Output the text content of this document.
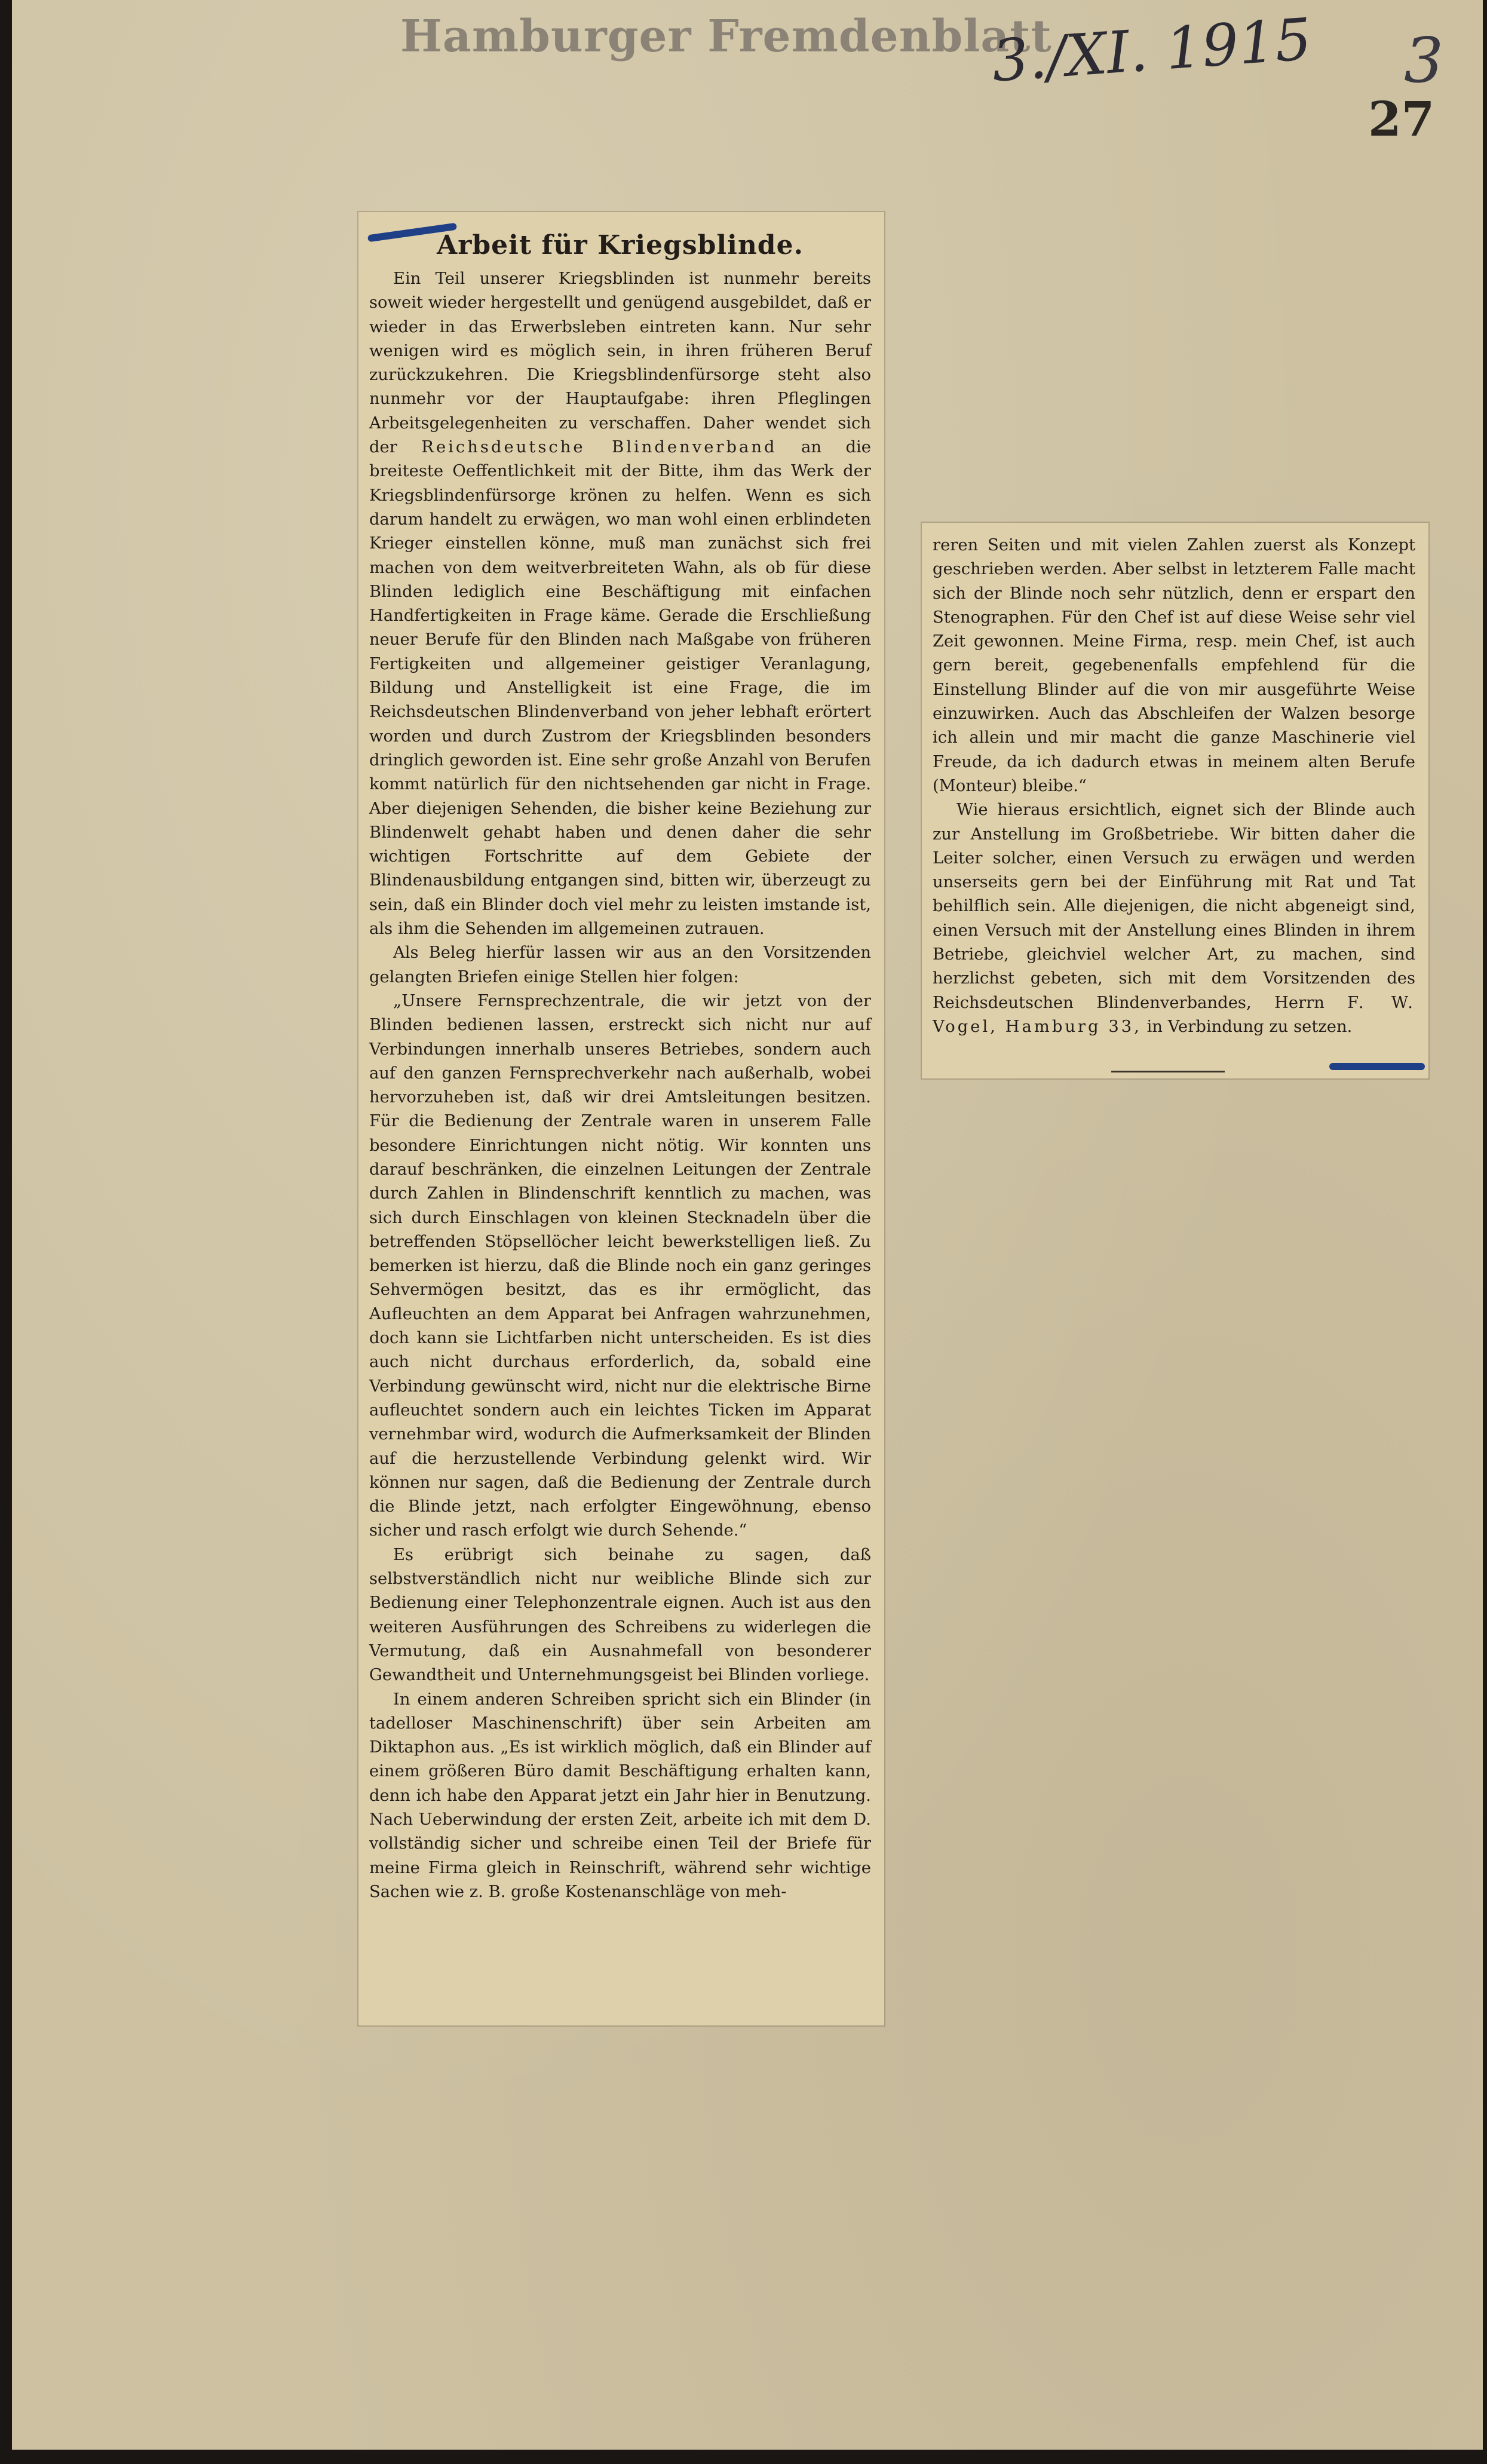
Hamburger Fremdenblatt
3./XI. 1915 3
27
Arbeit für Kriegsblinde.

Ein Teil unserer Kriegsblinden ist nunmehr bereits soweit wieder hergestellt und genügend ausgebildet, daß er wieder in das Erwerbsleben eintreten kann. Nur sehr wenigen wird es möglich sein, in ihren früheren Beruf zurückzukehren. Die Kriegsblindenfürsorge steht also nunmehr vor der Hauptaufgabe: ihren Pfleglingen Arbeitsgelegenheiten zu verschaffen. Daher wendet sich der Reichsdeutsche Blindenverband an die breiteste Oeffentlichkeit mit der Bitte, ihm das Werk der Kriegsblindenfürsorge krönen zu helfen. Wenn es sich darum handelt zu erwägen, wo man wohl einen erblindeten Krieger einstellen könne, muß man zunächst sich frei machen von dem weitverbreiteten Wahn, als ob für diese Blinden lediglich eine Beschäftigung mit einfachen Handfertigkeiten in Frage käme. Gerade die Erschließung neuer Berufe für den Blinden nach Maßgabe von früheren Fertigkeiten und allgemeiner geistiger Veranlagung, Bildung und Anstelligkeit ist eine Frage, die im Reichsdeutschen Blindenverband von jeher lebhaft erörtert worden und durch Zustrom der Kriegsblinden besonders dringlich geworden ist. Eine sehr große Anzahl von Berufen kommt natürlich für den nichtsehenden gar nicht in Frage. Aber diejenigen Sehenden, die bisher keine Beziehung zur Blindenwelt gehabt haben und denen daher die sehr wichtigen Fortschritte auf dem Gebiete der Blindenausbildung entgangen sind, bitten wir, überzeugt zu sein, daß ein Blinder doch viel mehr zu leisten imstande ist, als ihm die Sehenden im allgemeinen zutrauen.

Als Beleg hierfür lassen wir aus an den Vorsitzenden gelangten Briefen einige Stellen hier folgen:

„Unsere Fernsprechzentrale, die wir jetzt von der Blinden bedienen lassen, erstreckt sich nicht nur auf Verbindungen innerhalb unseres Betriebes, sondern auch auf den ganzen Fernsprechverkehr nach außerhalb, wobei hervorzuheben ist, daß wir drei Amtsleitungen besitzen. Für die Bedienung der Zentrale waren in unserem Falle besondere Einrichtungen nicht nötig. Wir konnten uns darauf beschränken, die einzelnen Leitungen der Zentrale durch Zahlen in Blindenschrift kenntlich zu machen, was sich durch Einschlagen von kleinen Stecknadeln über die betreffenden Stöpsellöcher leicht bewerkstelligen ließ. Zu bemerken ist hierzu, daß die Blinde noch ein ganz geringes Sehvermögen besitzt, das es ihr ermöglicht, das Aufleuchten an dem Apparat bei Anfragen wahrzunehmen, doch kann sie Lichtfarben nicht unterscheiden. Es ist dies auch nicht durchaus erforderlich, da, sobald eine Verbindung gewünscht wird, nicht nur die elektrische Birne aufleuchtet sondern auch ein leichtes Ticken im Apparat vernehmbar wird, wodurch die Aufmerksamkeit der Blinden auf die herzustellende Verbindung gelenkt wird. Wir können nur sagen, daß die Bedienung der Zentrale durch die Blinde jetzt, nach erfolgter Eingewöhnung, ebenso sicher und rasch erfolgt wie durch Sehende.“

Es erübrigt sich beinahe zu sagen, daß selbstverständlich nicht nur weibliche Blinde sich zur Bedienung einer Telephonzentrale eignen. Auch ist aus den weiteren Ausführungen des Schreibens zu widerlegen die Vermutung, daß ein Ausnahmefall von besonderer Gewandtheit und Unternehmungsgeist bei Blinden vorliege.

In einem anderen Schreiben spricht sich ein Blinder (in tadelloser Maschinenschrift) über sein Arbeiten am Diktaphon aus. „Es ist wirklich möglich, daß ein Blinder auf einem größeren Büro damit Beschäftigung erhalten kann, denn ich habe den Apparat jetzt ein Jahr hier in Benutzung. Nach Ueberwindung der ersten Zeit, arbeite ich mit dem D. vollständig sicher und schreibe einen Teil der Briefe für meine Firma gleich in Reinschrift, während sehr wichtige Sachen wie z. B. große Kostenanschläge von meh-

reren Seiten und mit vielen Zahlen zuerst als Konzept geschrieben werden. Aber selbst in letzterem Falle macht sich der Blinde noch sehr nützlich, denn er erspart den Stenographen. Für den Chef ist auf diese Weise sehr viel Zeit gewonnen. Meine Firma, resp. mein Chef, ist auch gern bereit, gegebenenfalls empfehlend für die Einstellung Blinder auf die von mir ausgeführte Weise einzuwirken. Auch das Abschleifen der Walzen besorge ich allein und mir macht die ganze Maschinerie viel Freude, da ich dadurch etwas in meinem alten Berufe (Monteur) bleibe.“

Wie hieraus ersichtlich, eignet sich der Blinde auch zur Anstellung im Großbetriebe. Wir bitten daher die Leiter solcher, einen Versuch zu erwägen und werden unserseits gern bei der Einführung mit Rat und Tat behilflich sein. Alle diejenigen, die nicht abgeneigt sind, einen Versuch mit der Anstellung eines Blinden in ihrem Betriebe, gleichviel welcher Art, zu machen, sind herzlichst gebeten, sich mit dem Vorsitzenden des Reichsdeutschen Blindenverbandes, Herrn F. W. Vogel, Hamburg 33, in Verbindung zu setzen.
